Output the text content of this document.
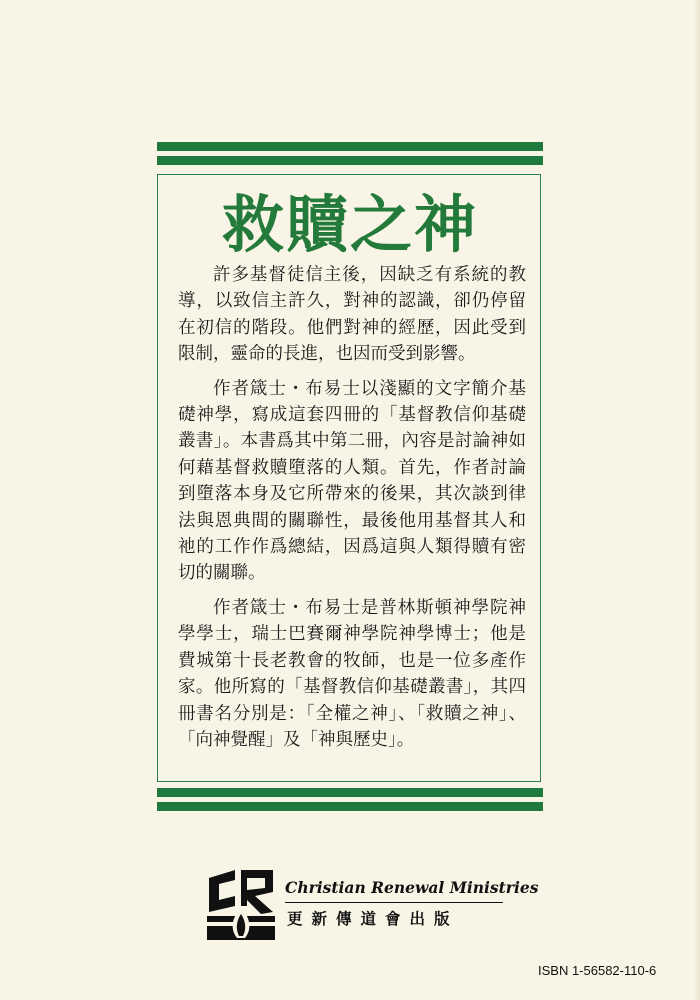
救贖之神

許多基督徒信主後，因缺乏有系統的教導，以致信主許久，對神的認識，卻仍停留在初信的階段。他們對神的經歷，因此受到限制，靈命的長進，也因而受到影響。

作者箴士・布易士以淺顯的文字簡介基礎神學，寫成這套四冊的「基督教信仰基礎叢書」。本書爲其中第二冊，內容是討論神如何藉基督救贖墮落的人類。首先，作者討論到墮落本身及它所帶來的後果，其次談到律法與恩典間的關聯性，最後他用基督其人和祂的工作作爲總結，因爲這與人類得贖有密切的關聯。

作者箴士・布易士是普林斯頓神學院神學學士，瑞士巴賽爾神學院神學博士；他是費城第十長老教會的牧師，也是一位多產作家。他所寫的「基督教信仰基礎叢書」，其四冊書名分別是：「全權之神」、「救贖之神」、「向神覺醒」及「神與歷史」。

Christian Renewal Ministries
更新傳道會出版
ISBN 1-56582-110-6
